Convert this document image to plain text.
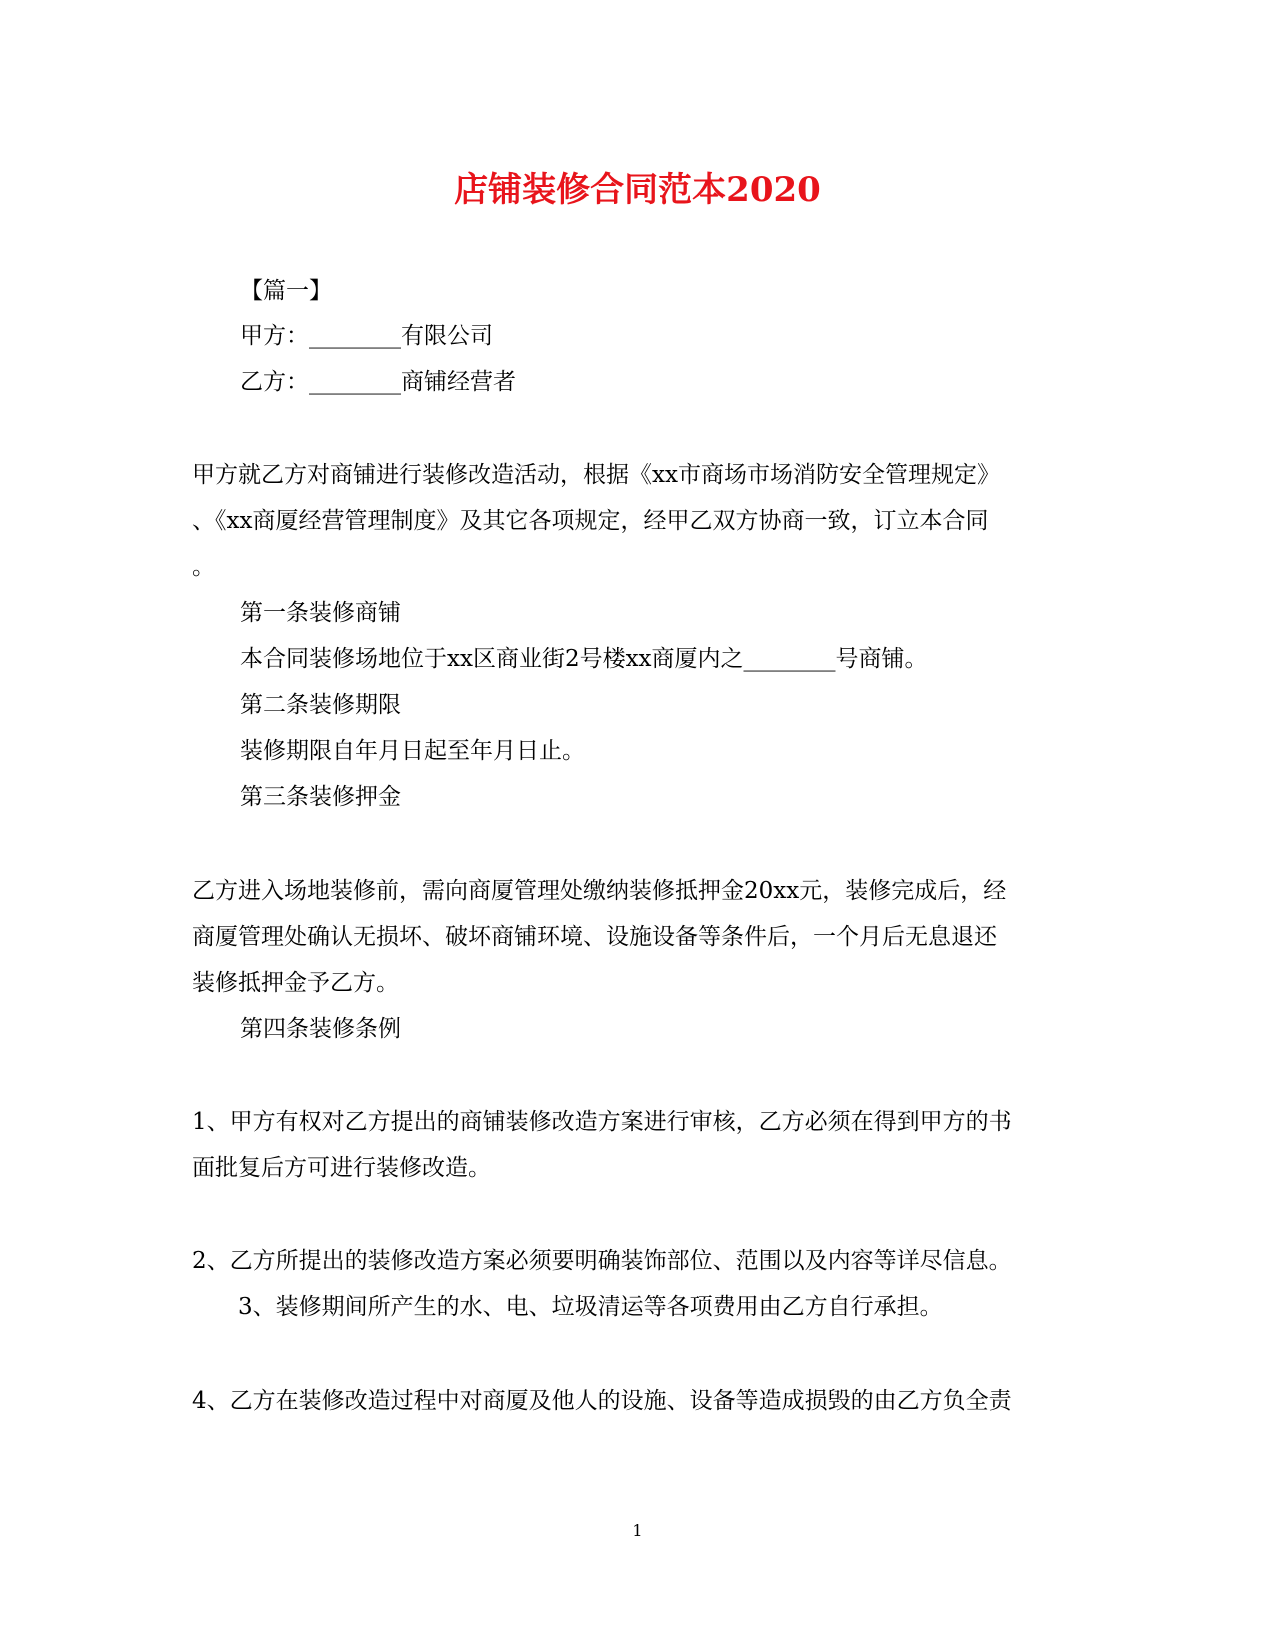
店铺装修合同范本2020
【篇一】
甲方：________有限公司
乙方：________商铺经营者
甲方就乙方对商铺进行装修改造活动，根据《xx市商场市场消防安全管理规定》
、《xx商厦经营管理制度》及其它各项规定，经甲乙双方协商一致，订立本合同
。
第一条装修商铺
本合同装修场地位于xx区商业街2号楼xx商厦内之________号商铺。
第二条装修期限
装修期限自年月日起至年月日止。
第三条装修押金
乙方进入场地装修前，需向商厦管理处缴纳装修抵押金20xx元，装修完成后，经
商厦管理处确认无损坏、破坏商铺环境、设施设备等条件后，一个月后无息退还
装修抵押金予乙方。
第四条装修条例
1、甲方有权对乙方提出的商铺装修改造方案进行审核，乙方必须在得到甲方的书
面批复后方可进行装修改造。
2、乙方所提出的装修改造方案必须要明确装饰部位、范围以及内容等详尽信息。
3、装修期间所产生的水、电、垃圾清运等各项费用由乙方自行承担。
4、乙方在装修改造过程中对商厦及他人的设施、设备等造成损毁的由乙方负全责
1
